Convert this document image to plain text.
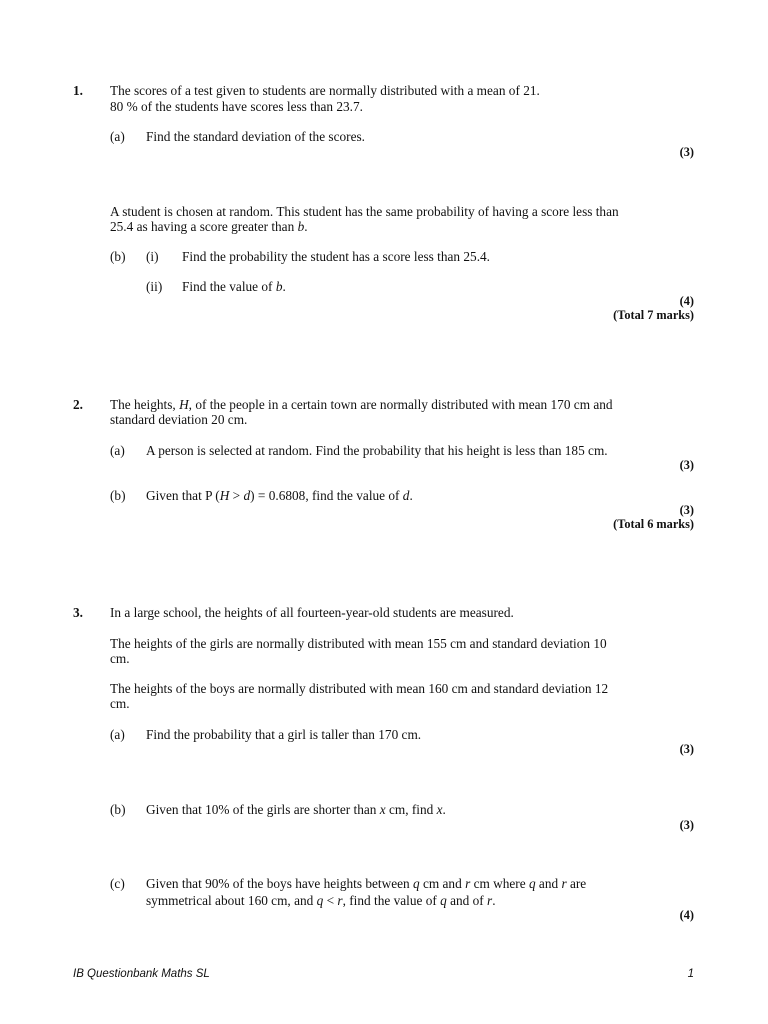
1. The scores of a test given to students are normally distributed with a mean of 21.
80 % of the students have scores less than 23.7.
(a) Find the standard deviation of the scores.
(3)
A student is chosen at random. This student has the same probability of having a score less than
25.4 as having a score greater than b.
(b) (i) Find the probability the student has a score less than 25.4.
(ii) Find the value of b.
(4)
(Total 7 marks)
2. The heights, H, of the people in a certain town are normally distributed with mean 170 cm and
standard deviation 20 cm.
(a) A person is selected at random. Find the probability that his height is less than 185 cm.
(3)
(b) Given that P (H > d) = 0.6808, find the value of d.
(3)
(Total 6 marks)
3. In a large school, the heights of all fourteen-year-old students are measured.
The heights of the girls are normally distributed with mean 155 cm and standard deviation 10
cm.
The heights of the boys are normally distributed with mean 160 cm and standard deviation 12
cm.
(a) Find the probability that a girl is taller than 170 cm.
(3)
(b) Given that 10% of the girls are shorter than x cm, find x.
(3)
(c) Given that 90% of the boys have heights between q cm and r cm where q and r are
symmetrical about 160 cm, and q < r, find the value of q and of r.
(4)
IB Questionbank Maths SL	1
